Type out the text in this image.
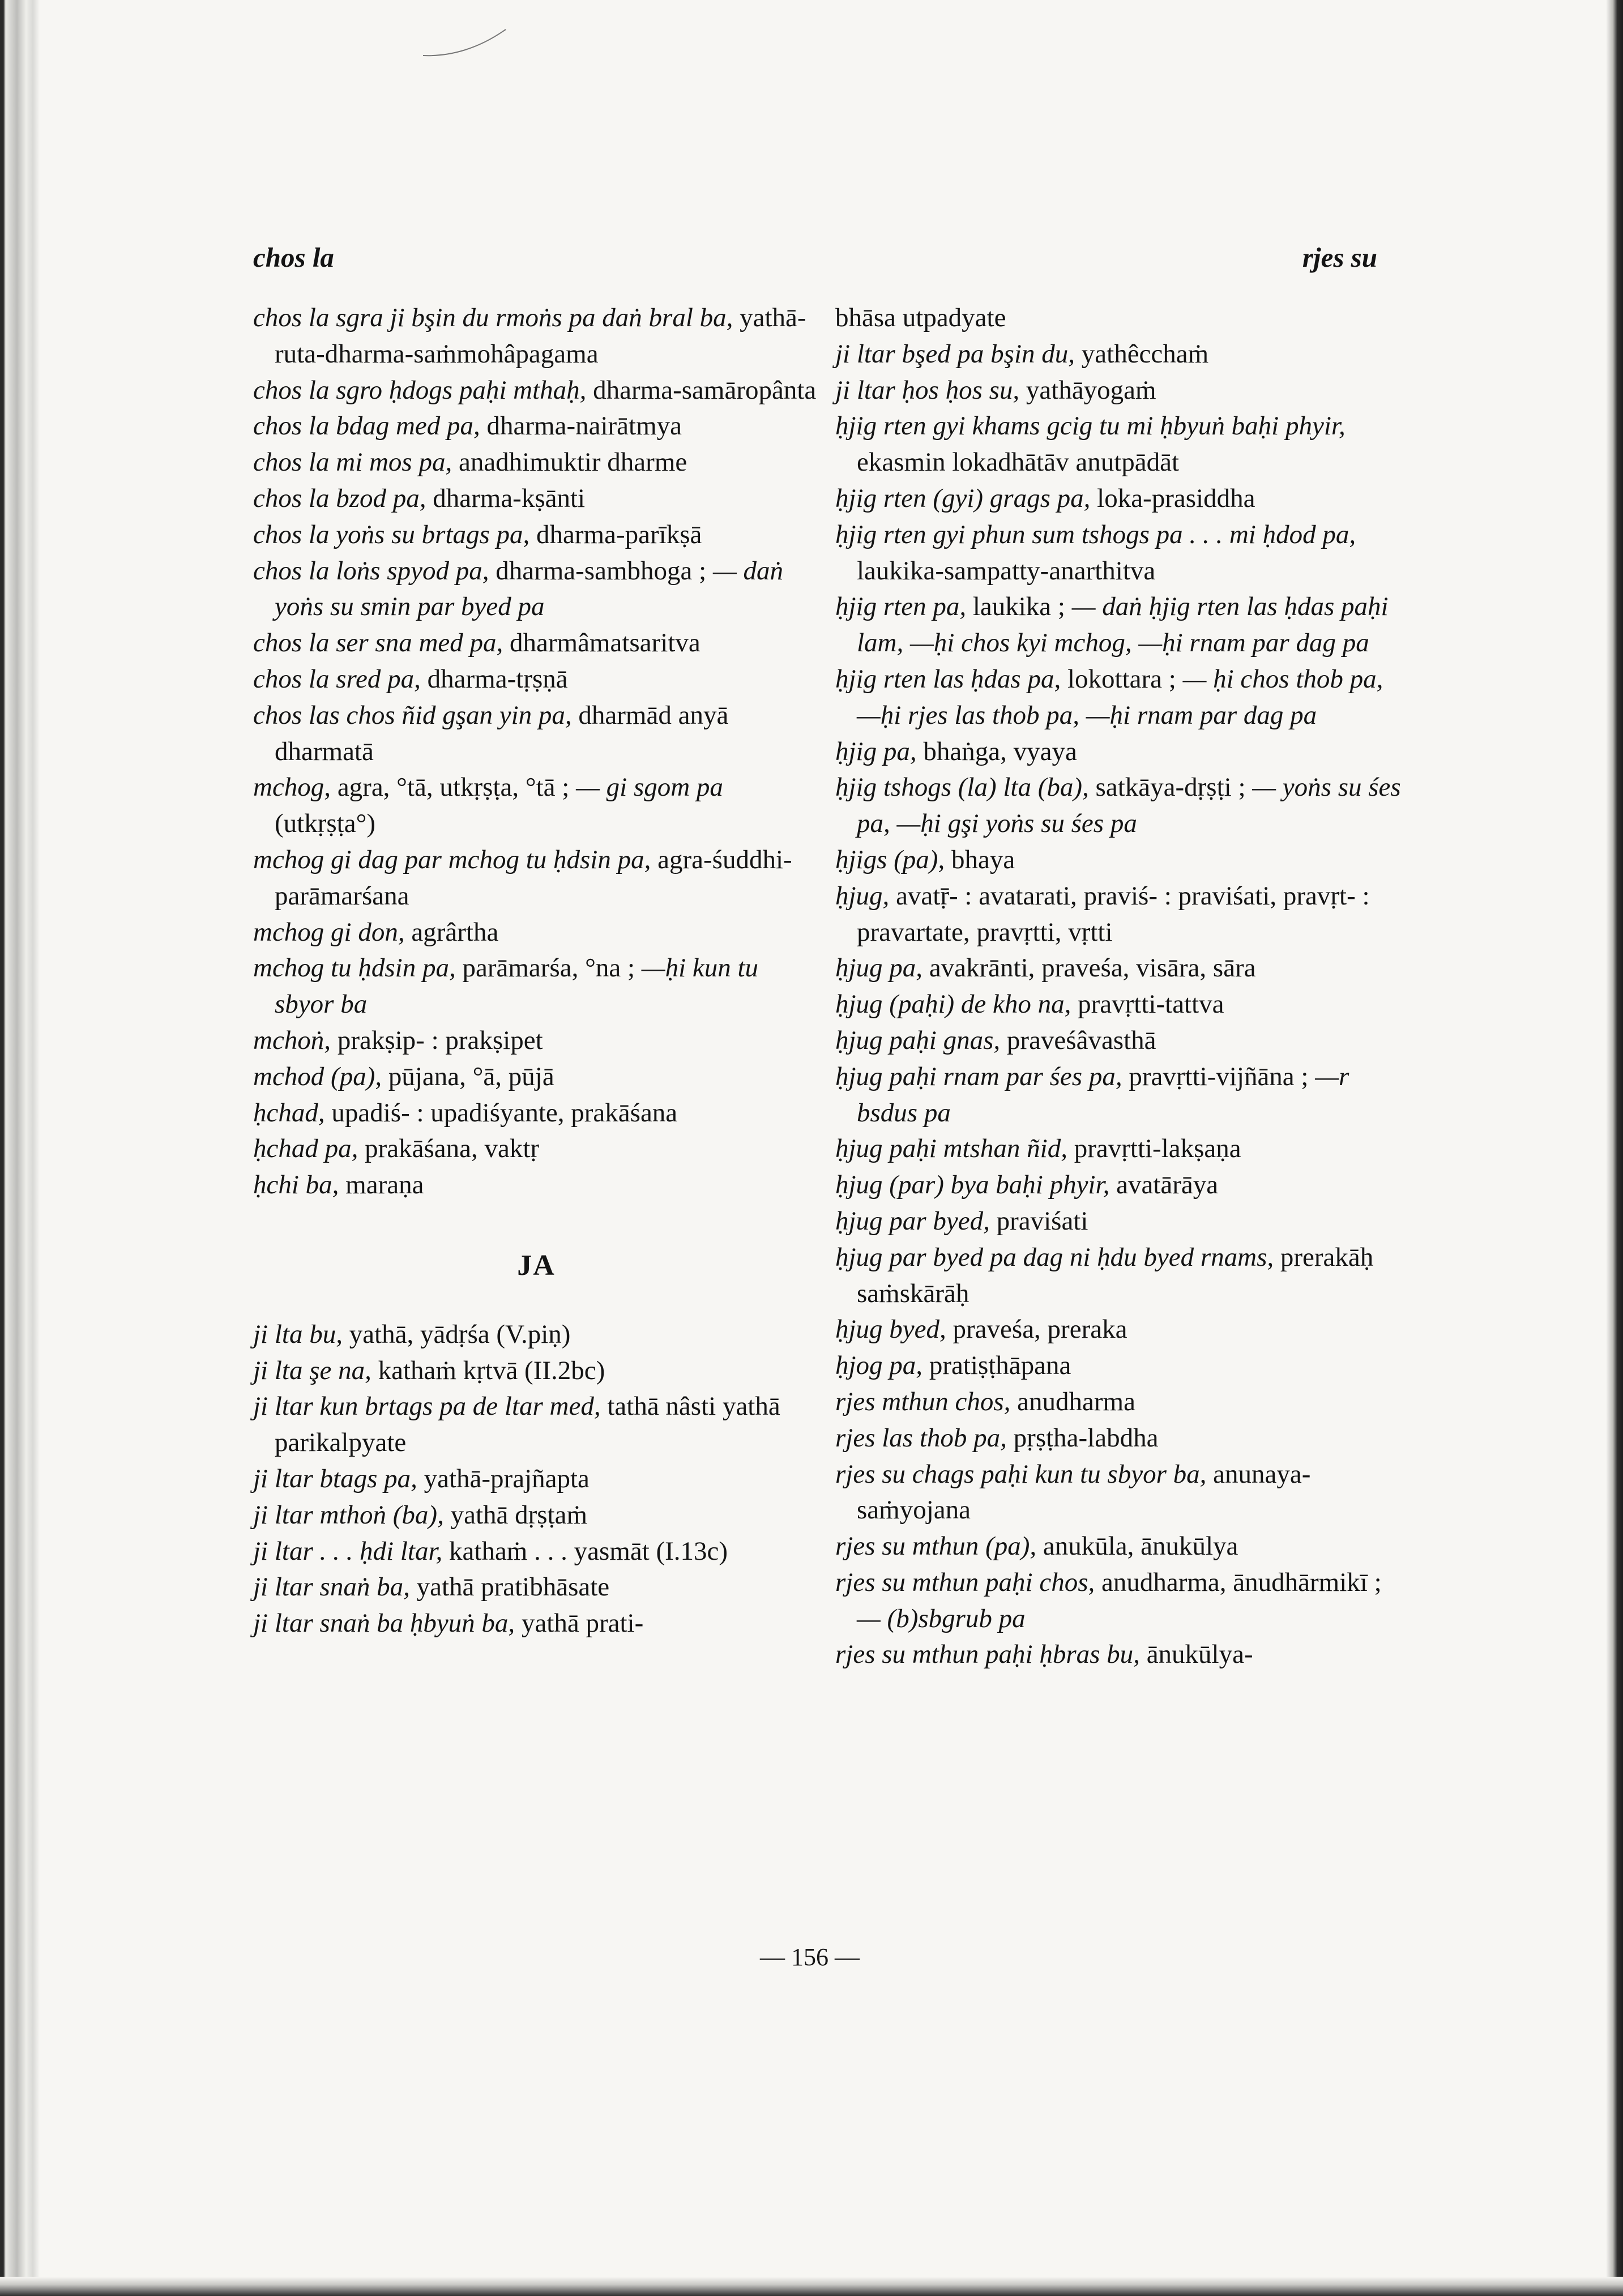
chos la	rjes su

chos la sgra ji bşin du rmoṅs pa daṅ bral ba, yathā-ruta-dharma-saṁmohâpagama

chos la sgro ḥdogs paḥi mthaḥ, dharma-samāropânta

chos la bdag med pa, dharma-nairātmya

chos la mi mos pa, anadhimuktir dharme

chos la bzod pa, dharma-kṣānti

chos la yoṅs su brtags pa, dharma-parīkṣā

chos la loṅs spyod pa, dharma-sambhoga ; — daṅ yoṅs su smin par byed pa

chos la ser sna med pa, dharmâmatsaritva

chos la sred pa, dharma-tṛṣṇā

chos las chos ñid gşan yin pa, dharmād anyā dharmatā

mchog, agra, °tā, utkṛṣṭa, °tā ; — gi sgom pa (utkṛṣṭa°)

mchog gi dag par mchog tu ḥdsin pa, agra-śuddhi-parāmarśana

mchog gi don, agrârtha

mchog tu ḥdsin pa, parāmarśa, °na ; —ḥi kun tu sbyor ba

mchoṅ, prakṣip- : prakṣipet

mchod (pa), pūjana, °ā, pūjā

ḥchad, upadiś- : upadiśyante, prakāśana

ḥchad pa, prakāśana, vaktṛ

ḥchi ba, maraṇa

JA

ji lta bu, yathā, yādṛśa (V.piṇ)

ji lta şe na, kathaṁ kṛtvā (II.2bc)

ji ltar kun brtags pa de ltar med, tathā nâsti yathā parikalpyate

ji ltar btags pa, yathā-prajñapta

ji ltar mthoṅ (ba), yathā dṛṣṭaṁ

ji ltar . . . ḥdi ltar, kathaṁ . . . yasmāt (I.13c)

ji ltar snaṅ ba, yathā pratibhāsate

ji ltar snaṅ ba ḥbyuṅ ba, yathā prati-

bhāsa utpadyate

ji ltar bşed pa bşin du, yathêcchaṁ

ji ltar ḥos ḥos su, yathāyogaṁ

ḥjig rten gyi khams gcig tu mi ḥbyuṅ baḥi phyir, ekasmin lokadhātāv anutpādāt

ḥjig rten (gyi) grags pa, loka-prasiddha

ḥjig rten gyi phun sum tshogs pa . . . mi ḥdod pa, laukika-sampatty-anarthitva

ḥjig rten pa, laukika ; — daṅ ḥjig rten las ḥdas paḥi lam, —ḥi chos kyi mchog, —ḥi rnam par dag pa

ḥjig rten las ḥdas pa, lokottara ; — ḥi chos thob pa, —ḥi rjes las thob pa, —ḥi rnam par dag pa

ḥjig pa, bhaṅga, vyaya

ḥjig tshogs (la) lta (ba), satkāya-dṛṣṭi ; — yoṅs su śes pa, —ḥi gşi yoṅs su śes pa

ḥjigs (pa), bhaya

ḥjug, avatṝ- : avatarati, praviś- : praviśati, pravṛt- : pravartate, pravṛtti, vṛtti

ḥjug pa, avakrānti, praveśa, visāra, sāra

ḥjug (paḥi) de kho na, pravṛtti-tattva

ḥjug paḥi gnas, praveśâvasthā

ḥjug paḥi rnam par śes pa, pravṛtti-vijñāna ; —r bsdus pa

ḥjug paḥi mtshan ñid, pravṛtti-lakṣaṇa

ḥjug (par) bya baḥi phyir, avatārāya

ḥjug par byed, praviśati

ḥjug par byed pa dag ni ḥdu byed rnams, prerakāḥ saṁskārāḥ

ḥjug byed, praveśa, preraka

ḥjog pa, pratiṣṭhāpana

rjes mthun chos, anudharma

rjes las thob pa, pṛṣṭha-labdha

rjes su chags paḥi kun tu sbyor ba, anunaya-saṁyojana

rjes su mthun (pa), anukūla, ānukūlya

rjes su mthun paḥi chos, anudharma, ānudhārmikī ; — (b)sbgrub pa

rjes su mthun paḥi ḥbras bu, ānukūlya-

— 156 —
